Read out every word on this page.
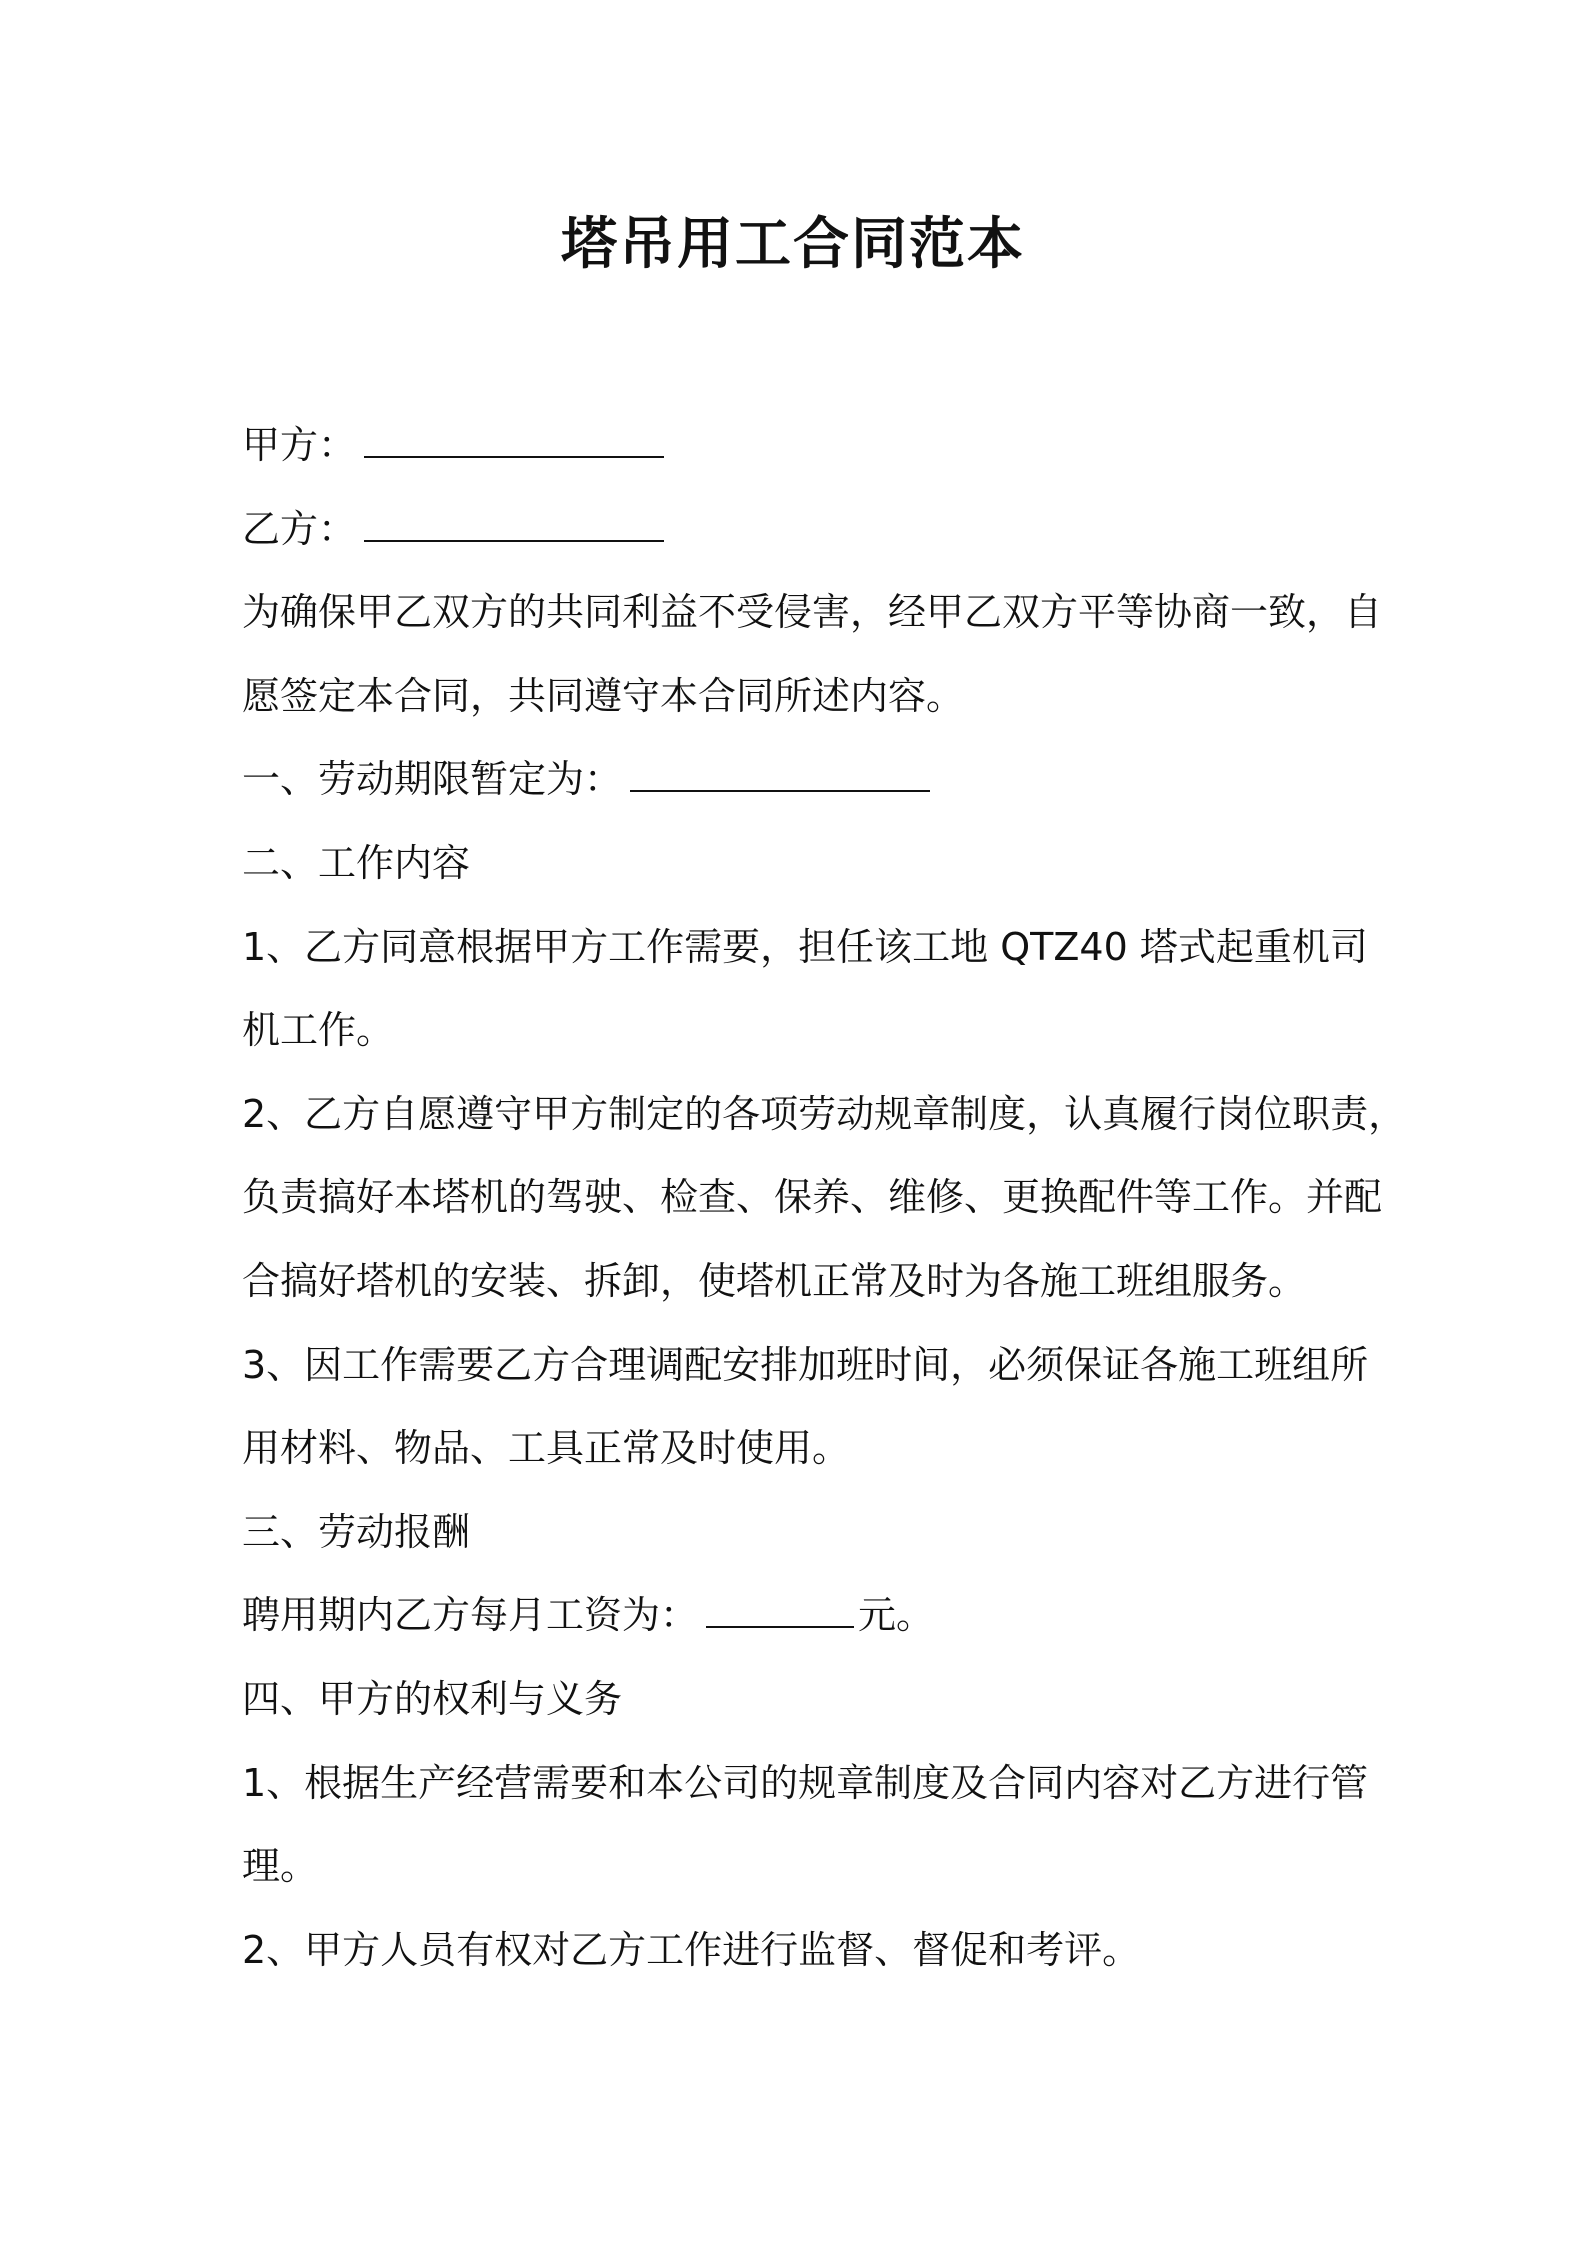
塔吊用工合同范本
甲方：
乙方：
为确保甲乙双方的共同利益不受侵害，经甲乙双方平等协商一致，自
愿签定本合同，共同遵守本合同所述内容。
一、劳动期限暂定为：
二、工作内容
1、乙方同意根据甲方工作需要，担任该工地 QTZ40 塔式起重机司
机工作。
2、乙方自愿遵守甲方制定的各项劳动规章制度，认真履行岗位职责，
负责搞好本塔机的驾驶、检查、保养、维修、更换配件等工作。并配
合搞好塔机的安装、拆卸，使塔机正常及时为各施工班组服务。
3、因工作需要乙方合理调配安排加班时间，必须保证各施工班组所
用材料、物品、工具正常及时使用。
三、劳动报酬
聘用期内乙方每月工资为：	元。
四、甲方的权利与义务
1、根据生产经营需要和本公司的规章制度及合同内容对乙方进行管
理。
2、甲方人员有权对乙方工作进行监督、督促和考评。
